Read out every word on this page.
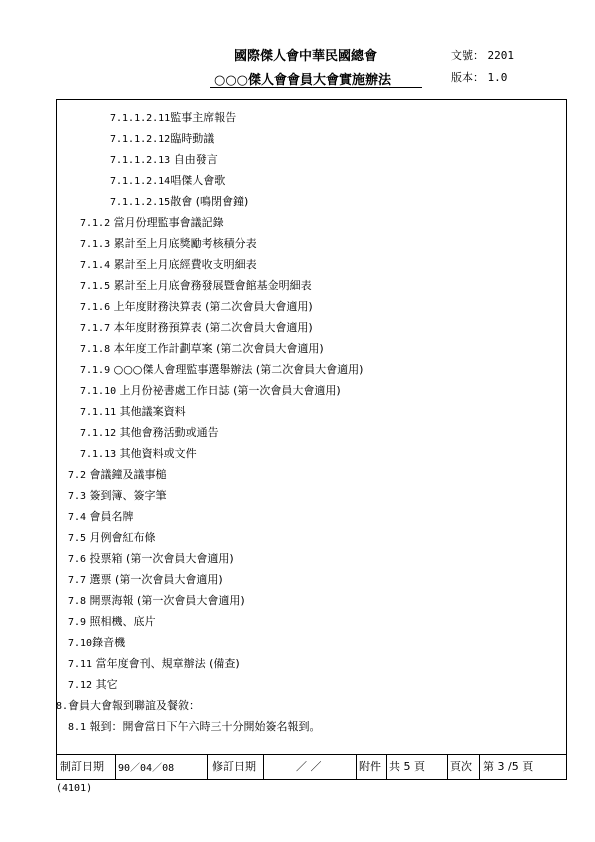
國際傑人會中華民國總會
○○○傑人會會員大會實施辦法
文號： 2201
版本： 1.0
7.1.1.2.11監事主席報告
7.1.1.2.12臨時動議
7.1.1.2.13 自由發言
7.1.1.2.14唱傑人會歌
7.1.1.2.15散會 (鳴閉會鐘)
7.1.2 當月份理監事會議記錄
7.1.3 累計至上月底獎勵考核積分表
7.1.4 累計至上月底經費收支明細表
7.1.5 累計至上月底會務發展暨會館基金明細表
7.1.6 上年度財務決算表 (第二次會員大會適用)
7.1.7 本年度財務預算表 (第二次會員大會適用)
7.1.8 本年度工作計劃草案 (第二次會員大會適用)
7.1.9 ○○○傑人會理監事選舉辦法 (第二次會員大會適用)
7.1.10 上月份祕書處工作日誌 (第一次會員大會適用)
7.1.11 其他議案資料
7.1.12 其他會務活動或通告
7.1.13 其他資料或文件
7.2 會議鐘及議事槌
7.3 簽到簿、簽字筆
7.4 會員名牌
7.5 月例會紅布條
7.6 投票箱 (第一次會員大會適用)
7.7 選票 (第一次會員大會適用)
7.8 開票海報 (第一次會員大會適用)
7.9 照相機、底片
7.10錄音機
7.11 當年度會刊、規章辦法 (備查)
7.12 其它
8.會員大會報到聯誼及餐敘：
8.1 報到：開會當日下午六時三十分開始簽名報到。
制訂日期 90／04／08	修訂日期	／ ／	附件 共 5 頁 頁次 第 3 /5 頁
(4101)
